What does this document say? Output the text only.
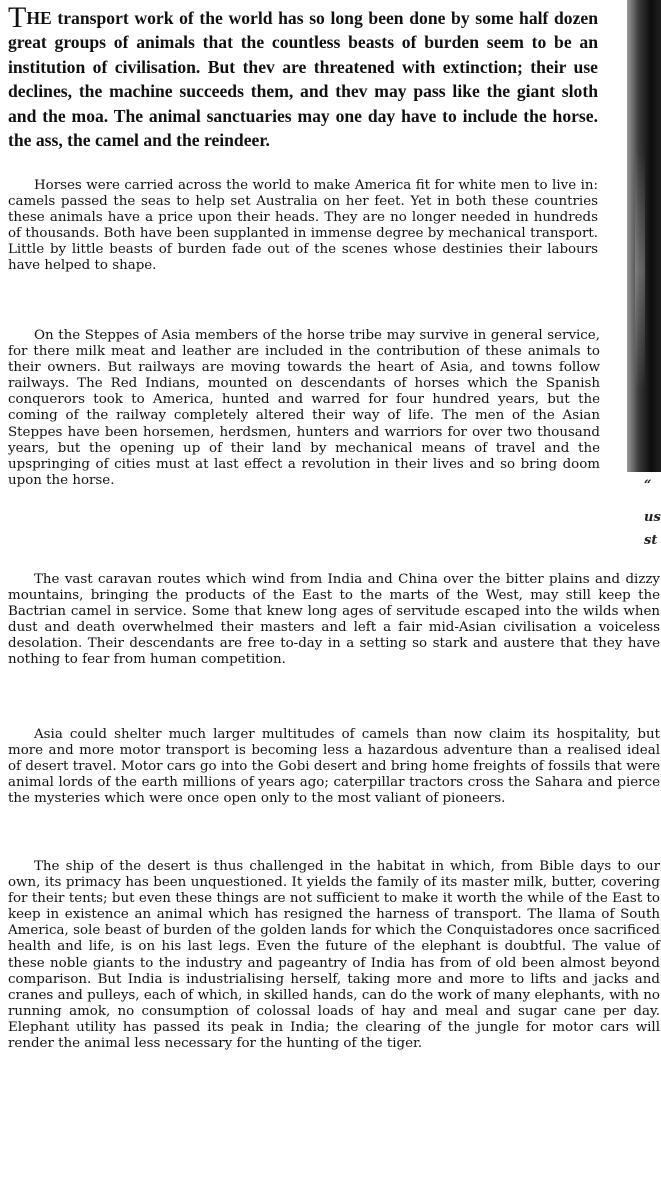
“
us
st

THE transport work of the world has so long been done by some half dozen great groups of animals that the countless beasts of burden seem to be an institution of civilisation. But thev are threatened with extinction; their use declines, the machine succeeds them, and thev may pass like the giant sloth and the moa. The animal sanctuaries may one day have to include the horse. the ass, the camel and the reindeer.

Horses were carried across the world to make America fit for white men to live in: camels passed the seas to help set Australia on her feet. Yet in both these countries these animals have a price upon their heads. They are no longer needed in hundreds of thousands. Both have been supplanted in immense degree by mechanical transport. Little by little beasts of burden fade out of the scenes whose destinies their labours have helped to shape.

On the Steppes of Asia members of the horse tribe may survive in general service, for there milk meat and leather are included in the contribution of these animals to their owners. But railways are moving towards the heart of Asia, and towns follow railways. The Red Indians, mounted on descendants of horses which the Spanish conquerors took to America, hunted and warred for four hundred years, but the coming of the railway completely altered their way of life. The men of the Asian Steppes have been horsemen, herdsmen, hunters and warriors for over two thousand years, but the opening up of their land by mechanical means of travel and the upspringing of cities must at last effect a revolution in their lives and so bring doom upon the horse.

The vast caravan routes which wind from India and China over the bitter plains and dizzy mountains, bringing the products of the East to the marts of the West, may still keep the Bactrian camel in service. Some that knew long ages of servitude escaped into the wilds when dust and death overwhelmed their masters and left a fair mid-Asian civilisation a voiceless desolation. Their descendants are free to-day in a setting so stark and austere that they have nothing to fear from human competition.

Asia could shelter much larger multitudes of camels than now claim its hospitality, but more and more motor transport is becoming less a hazardous adventure than a realised ideal of desert travel. Motor cars go into the Gobi desert and bring home freights of fossils that were animal lords of the earth millions of years ago; caterpillar tractors cross the Sahara and pierce the mysteries which were once open only to the most valiant of pioneers.

The ship of the desert is thus challenged in the habitat in which, from Bible days to our own, its primacy has been unquestioned. It yields the family of its master milk, butter, covering for their tents; but even these things are not sufficient to make it worth the while of the East to keep in existence an animal which has resigned the harness of transport. The llama of South America, sole beast of burden of the golden lands for which the Conquistadores once sacrificed health and life, is on his last legs. Even the future of the elephant is doubtful. The value of these noble giants to the industry and pageantry of India has from of old been almost beyond comparison. But India is industrialising herself, taking more and more to lifts and jacks and cranes and pulleys, each of which, in skilled hands, can do the work of many elephants, with no running amok, no consumption of colossal loads of hay and meal and sugar cane per day. Elephant utility has passed its peak in India; the clearing of the jungle for motor cars will render the animal less necessary for the hunting of the tiger.
